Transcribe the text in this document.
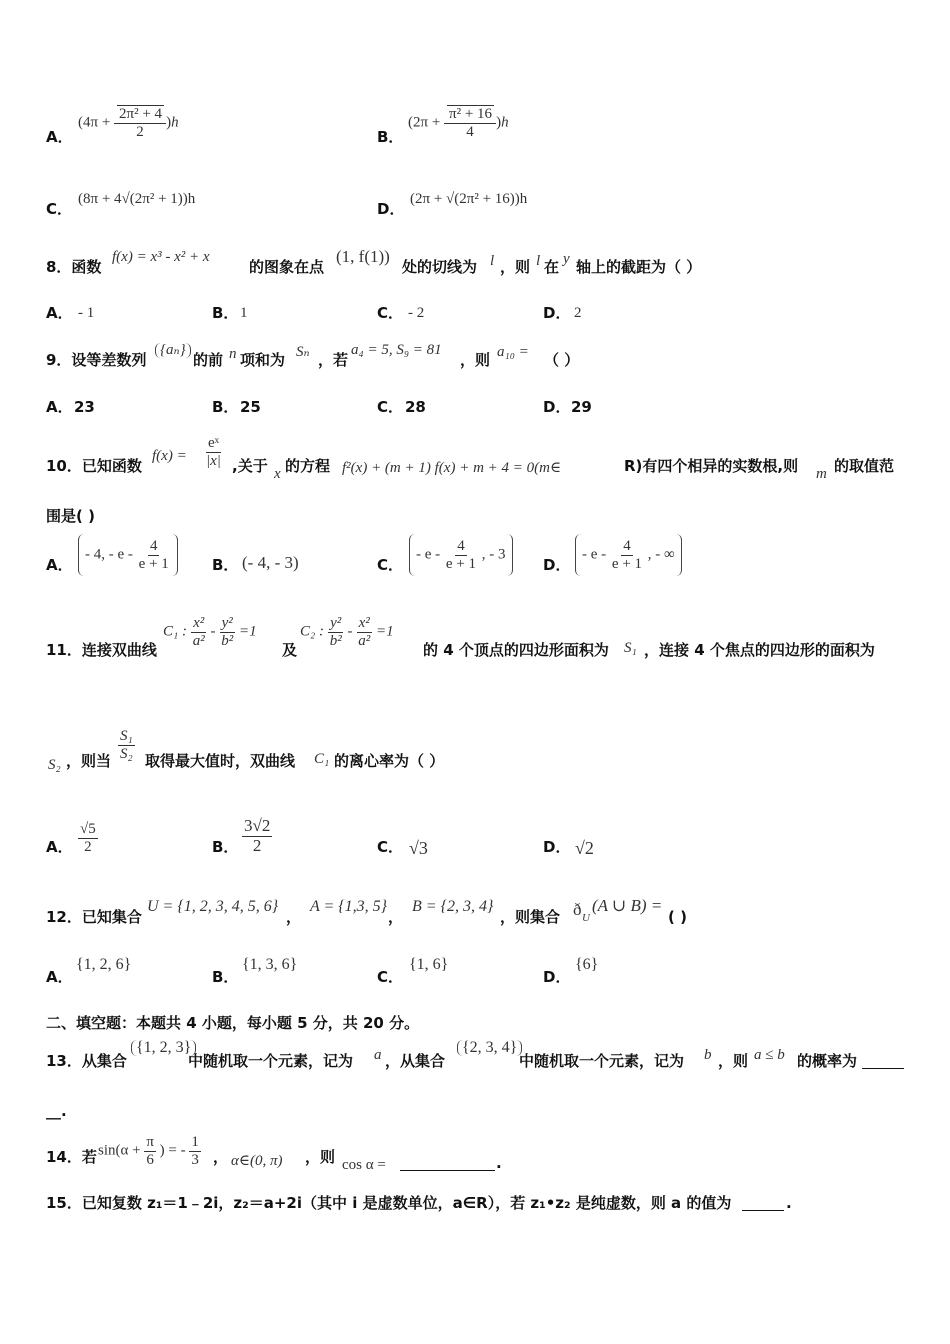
A．
$(4\pi + \frac{\text{2π² + 4}}{2} )h$
B．
$(2\pi + \frac{\text{π² + 16}}{4} )h$
C．
(8π + 4√(2π² + 1))h
D．
(2π + √(2π² + 16))h
8．函数
f(x) = x³ - x² + x
的图象在点
(1, f(1))
处的切线为 l ，则 l 在 y 轴上的截距为（ ）
A． - 1	B． 1	C． - 2	D． 2
9．设等差数列
{aₙ}
的前 n 项和为 Sₙ ，若
a₄ = 5, S₉ = 81
，则 a₁₀ = （ ）
A． 23	B． 25	C． 28	D． 29
10．已知函数
$f(x) = \frac{\text{eˣ}}{|x|}$ ,关于 x 的方程 f²(x) + (m + 1) f(x) + m + 4 = 0(m∈	R)有四个相异的实数根,则 m 的取值范
围是( )
A．
- 4, - e - $\frac{4}{e + 1}$	B． (- 4, - 3)	C．
- e - $\frac{4}{e + 1}$ , - 3
D．
- e - $\frac{4}{e + 1}$ , - ∞
11．连接双曲线
C₁ : $\frac{\text{x²}}{\text{a²}} - \frac{\text{y²}}{\text{b²}} =1$
及
C₂ : $\frac{\text{y²}}{\text{b²}} - \frac{\text{x²}}{\text{a²}} =1$
的 4 个顶点的四边形面积为 S₁ ，连接 4 个焦点的四边形的面积为
S₂ ，则当 $\frac{\text{S₁}}{\text{S₂}}$ 取得最大值时，双曲线 C₁ 的离心率为（ ）
A． $\frac{√5}{2}$	B． $\frac{3√2}{2}$	C． √3	D． √2
12．已知集合
U = {1, 2, 3, 4, 5, 6}
，
A = {1,3, 5}
，
B = {2, 3, 4}
，则集合 ð U
(A ∪ B) =
( )
A．
{1, 2, 6}
B．
{1, 3, 6}
C．
{1, 6}
D．
{6}
二、填空题：本题共 4 小题，每小题 5 分，共 20 分。
13．从集合
{1, 2, 3}
中随机取一个元素，记为 a ，从集合
{2, 3, 4}
中随机取一个元素，记为 b ，则 a ≤ b 的概率为
__.
14．若 $\sin(\alpha + \frac{\pi}{6}$ ) = - $\frac{1}{3}$ ， α∈(0, π) ，则 cos α =	.
15．已知复数 z₁＝1﹣2i，z₂＝a+2i（其中 i 是虚数单位，a∈R），若 z₁•z₂ 是纯虚数，则 a 的值为	.
